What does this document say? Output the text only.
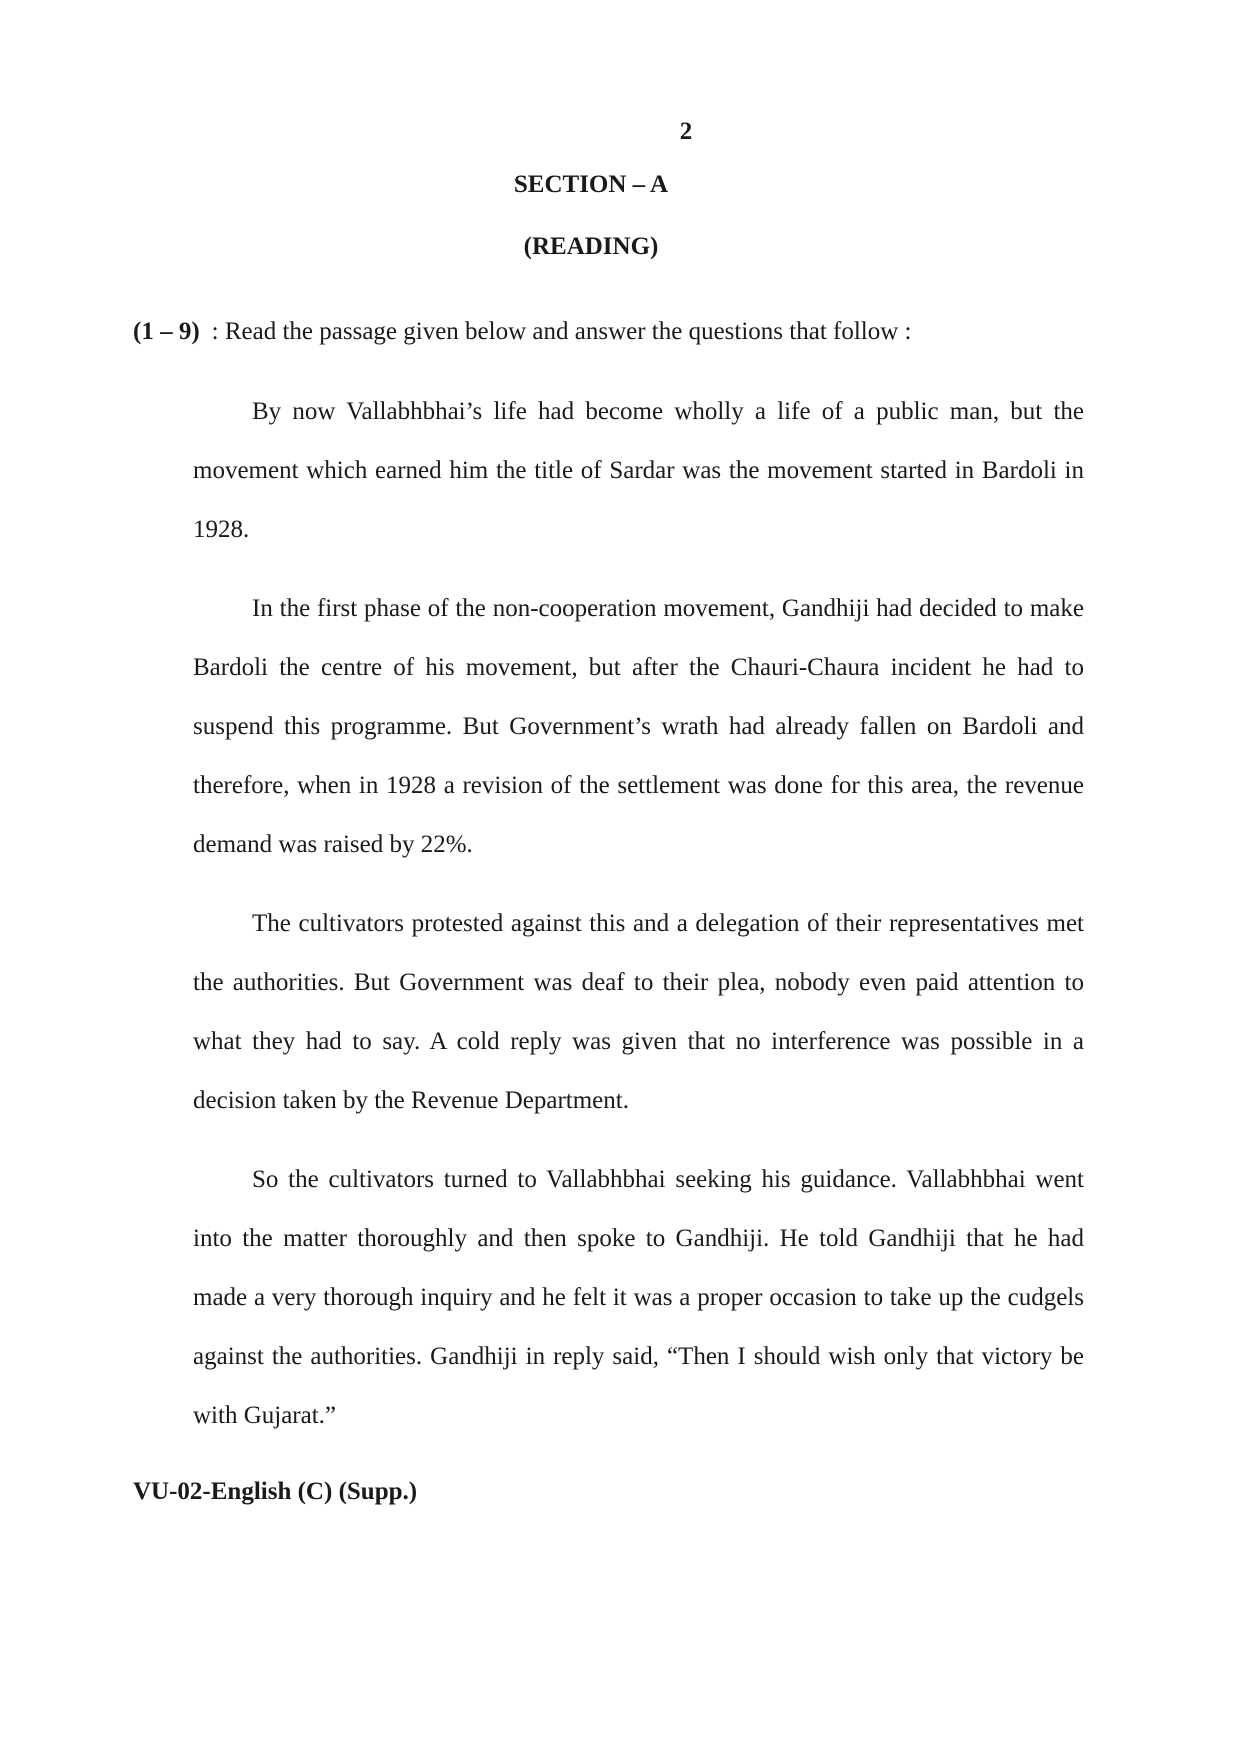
2
SECTION – A
(READING)
(1 – 9) : Read the passage given below and answer the questions that follow :

By now Vallabhbhai’s life had become wholly a life of a public man, but the movement which earned him the title of Sardar was the movement started in Bardoli in 1928.

In the first phase of the non-cooperation movement, Gandhiji had decided to make Bardoli the centre of his movement, but after the Chauri-Chaura incident he had to suspend this programme. But Government’s wrath had already fallen on Bardoli and therefore, when in 1928 a revision of the settlement was done for this area, the revenue demand was raised by 22%.

The cultivators protested against this and a delegation of their representatives met the authorities. But Government was deaf to their plea, nobody even paid attention to what they had to say. A cold reply was given that no interference was possible in a decision taken by the Revenue Department.

So the cultivators turned to Vallabhbhai seeking his guidance. Vallabhbhai went into the matter thoroughly and then spoke to Gandhiji. He told Gandhiji that he had made a very thorough inquiry and he felt it was a proper occasion to take up the cudgels against the authorities. Gandhiji in reply said, “Then I should wish only that victory be with Gujarat.”

VU-02-English (C) (Supp.)
